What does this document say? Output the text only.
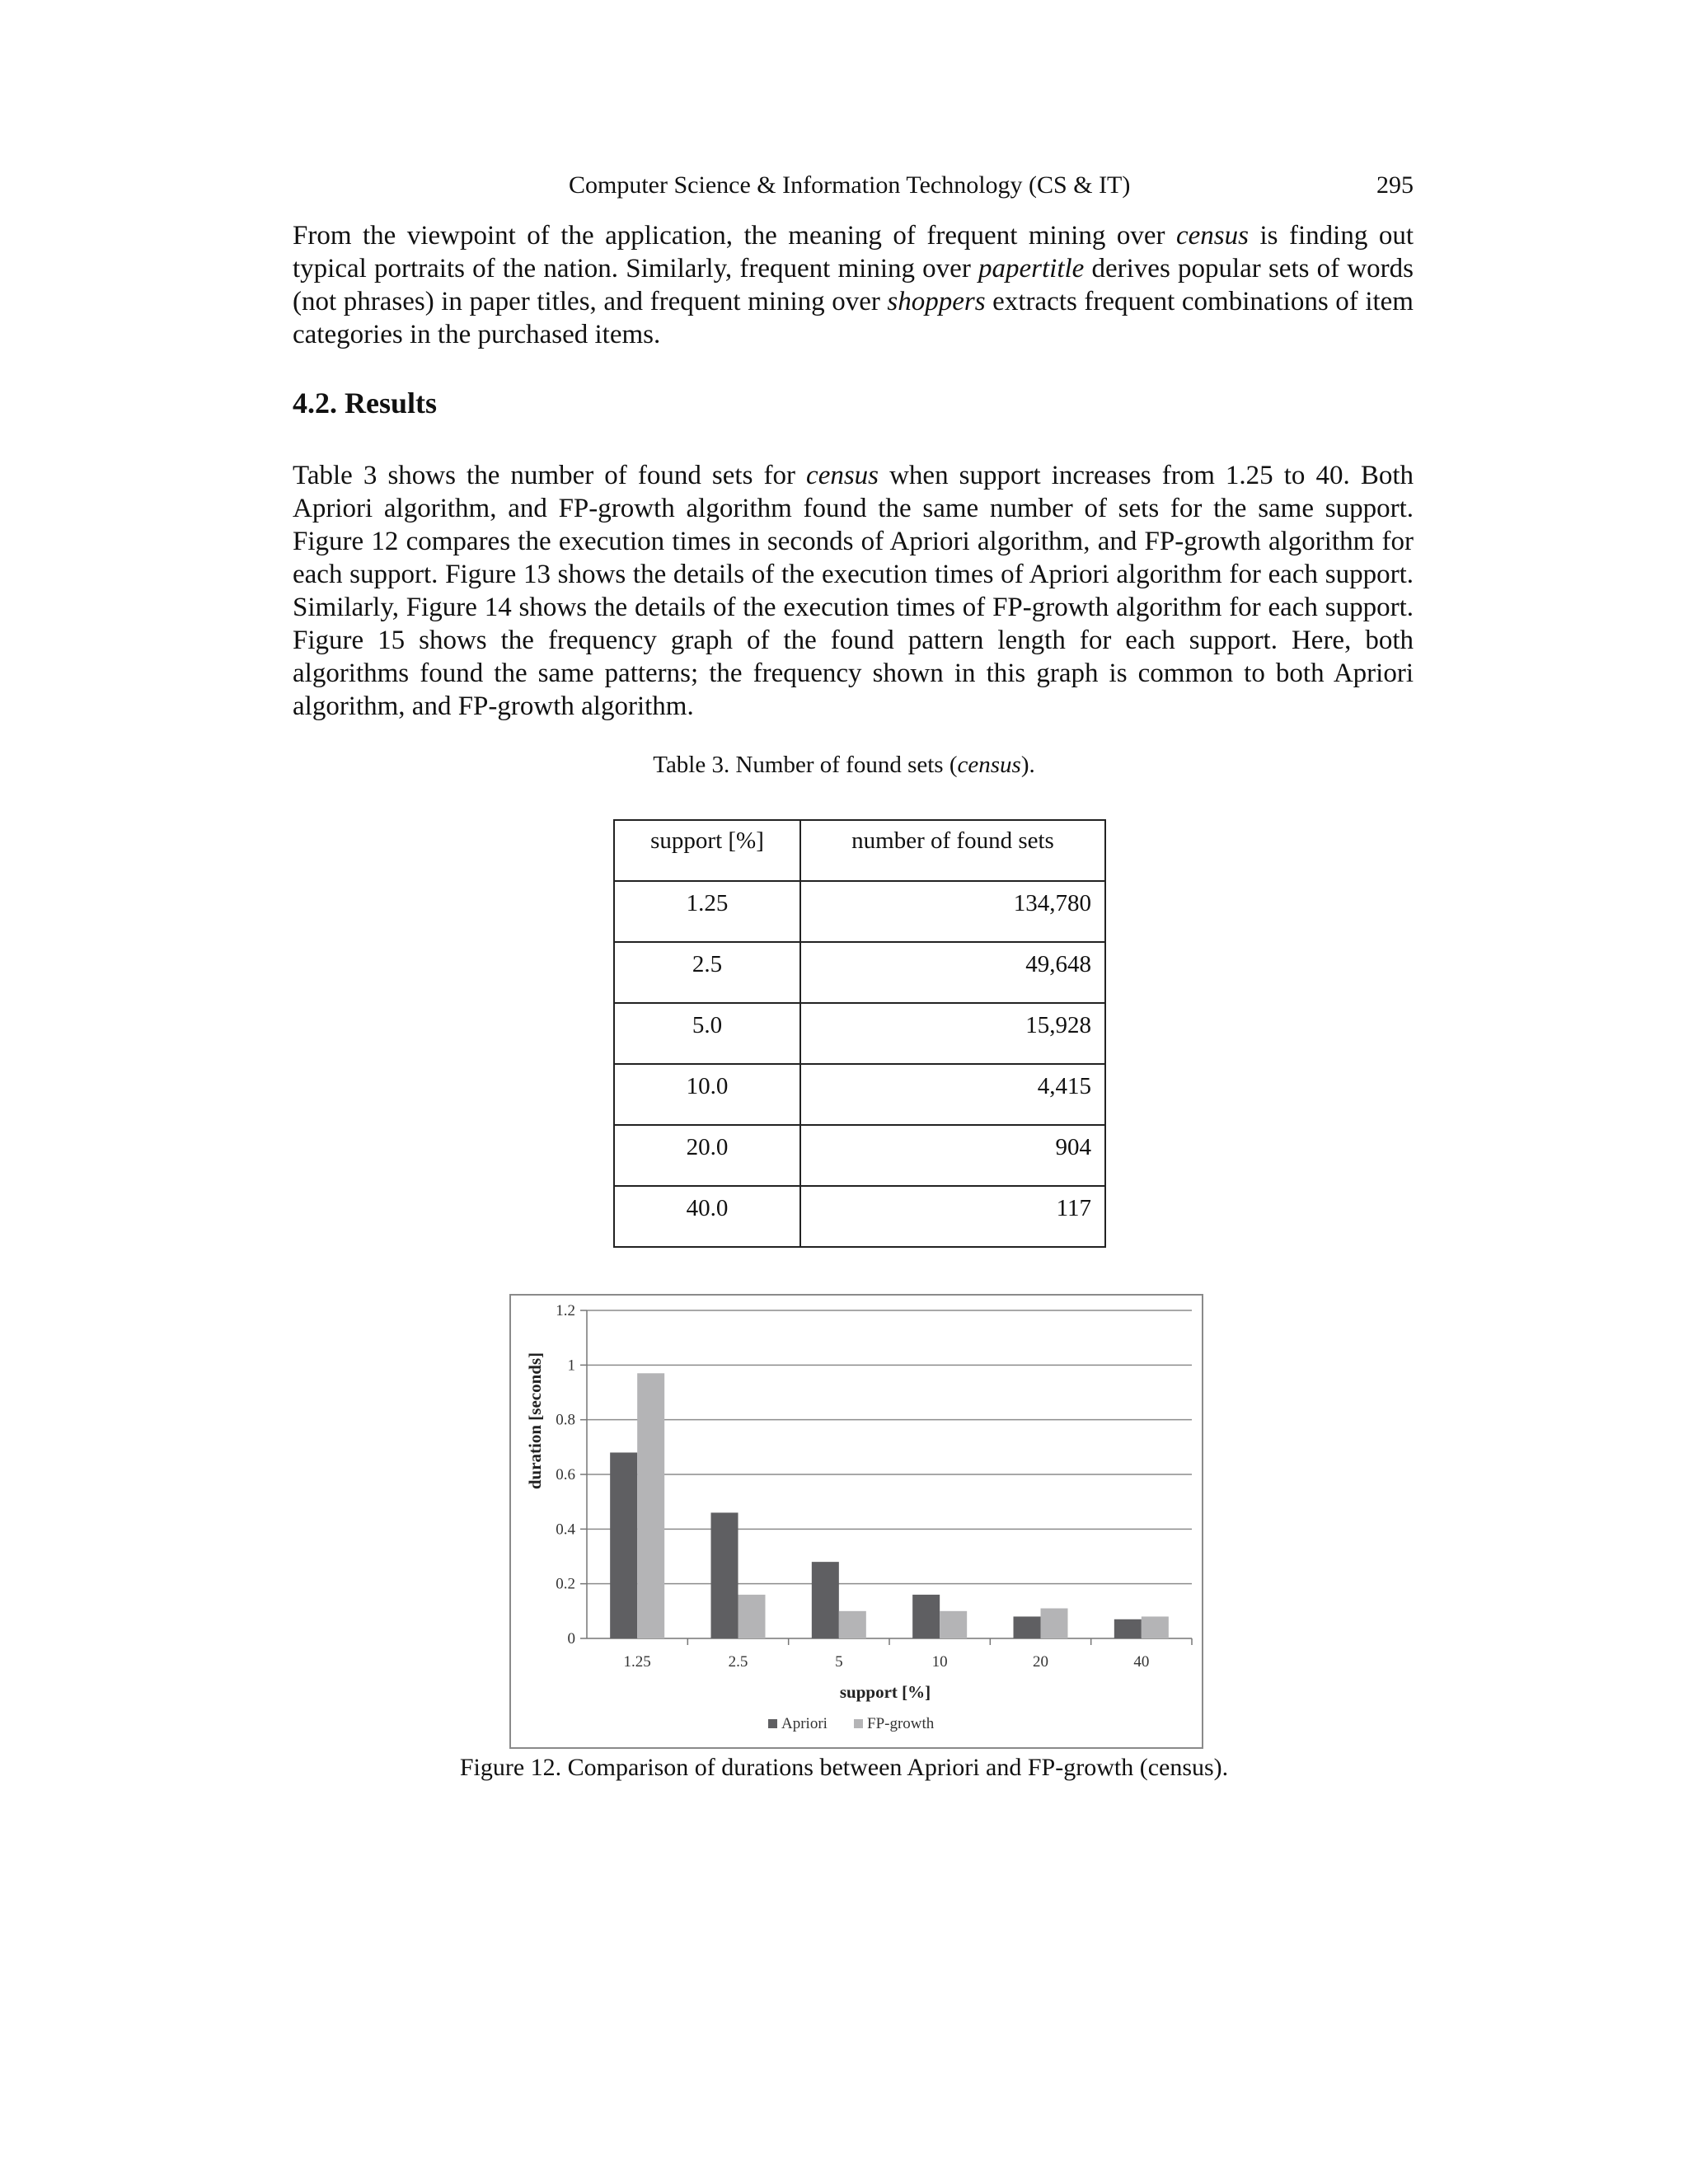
Computer Science & Information Technology (CS & IT)	295

From the viewpoint of the application, the meaning of frequent mining over census is finding out typical portraits of the nation. Similarly, frequent mining over papertitle derives popular sets of words (not phrases) in paper titles, and frequent mining over shoppers extracts frequent combinations of item categories in the purchased items.

4.2. Results

Table 3 shows the number of found sets for census when support increases from 1.25 to 40. Both Apriori algorithm, and FP-growth algorithm found the same number of sets for the same support. Figure 12 compares the execution times in seconds of Apriori algorithm, and FP-growth algorithm for each support. Figure 13 shows the details of the execution times of Apriori algorithm for each support. Similarly, Figure 14 shows the details of the execution times of FP-growth algorithm for each support. Figure 15 shows the frequency graph of the found pattern length for each support. Here, both algorithms found the same patterns; the frequency shown in this graph is common to both Apriori algorithm, and FP-growth algorithm.

Table 3. Number of found sets (census).
support [%]	number of found sets
1.25	134,780
2.5	49,648
5.0	15,928
10.0	4,415
20.0	904
40.0	117
0
0.2
0.4
0.6
0.8
1
1.2
1.25	2.5	5	10	20	40
duration [seconds]
support [%]
Apriori	FP-growth
Figure 12. Comparison of durations between Apriori and FP-growth (census).
